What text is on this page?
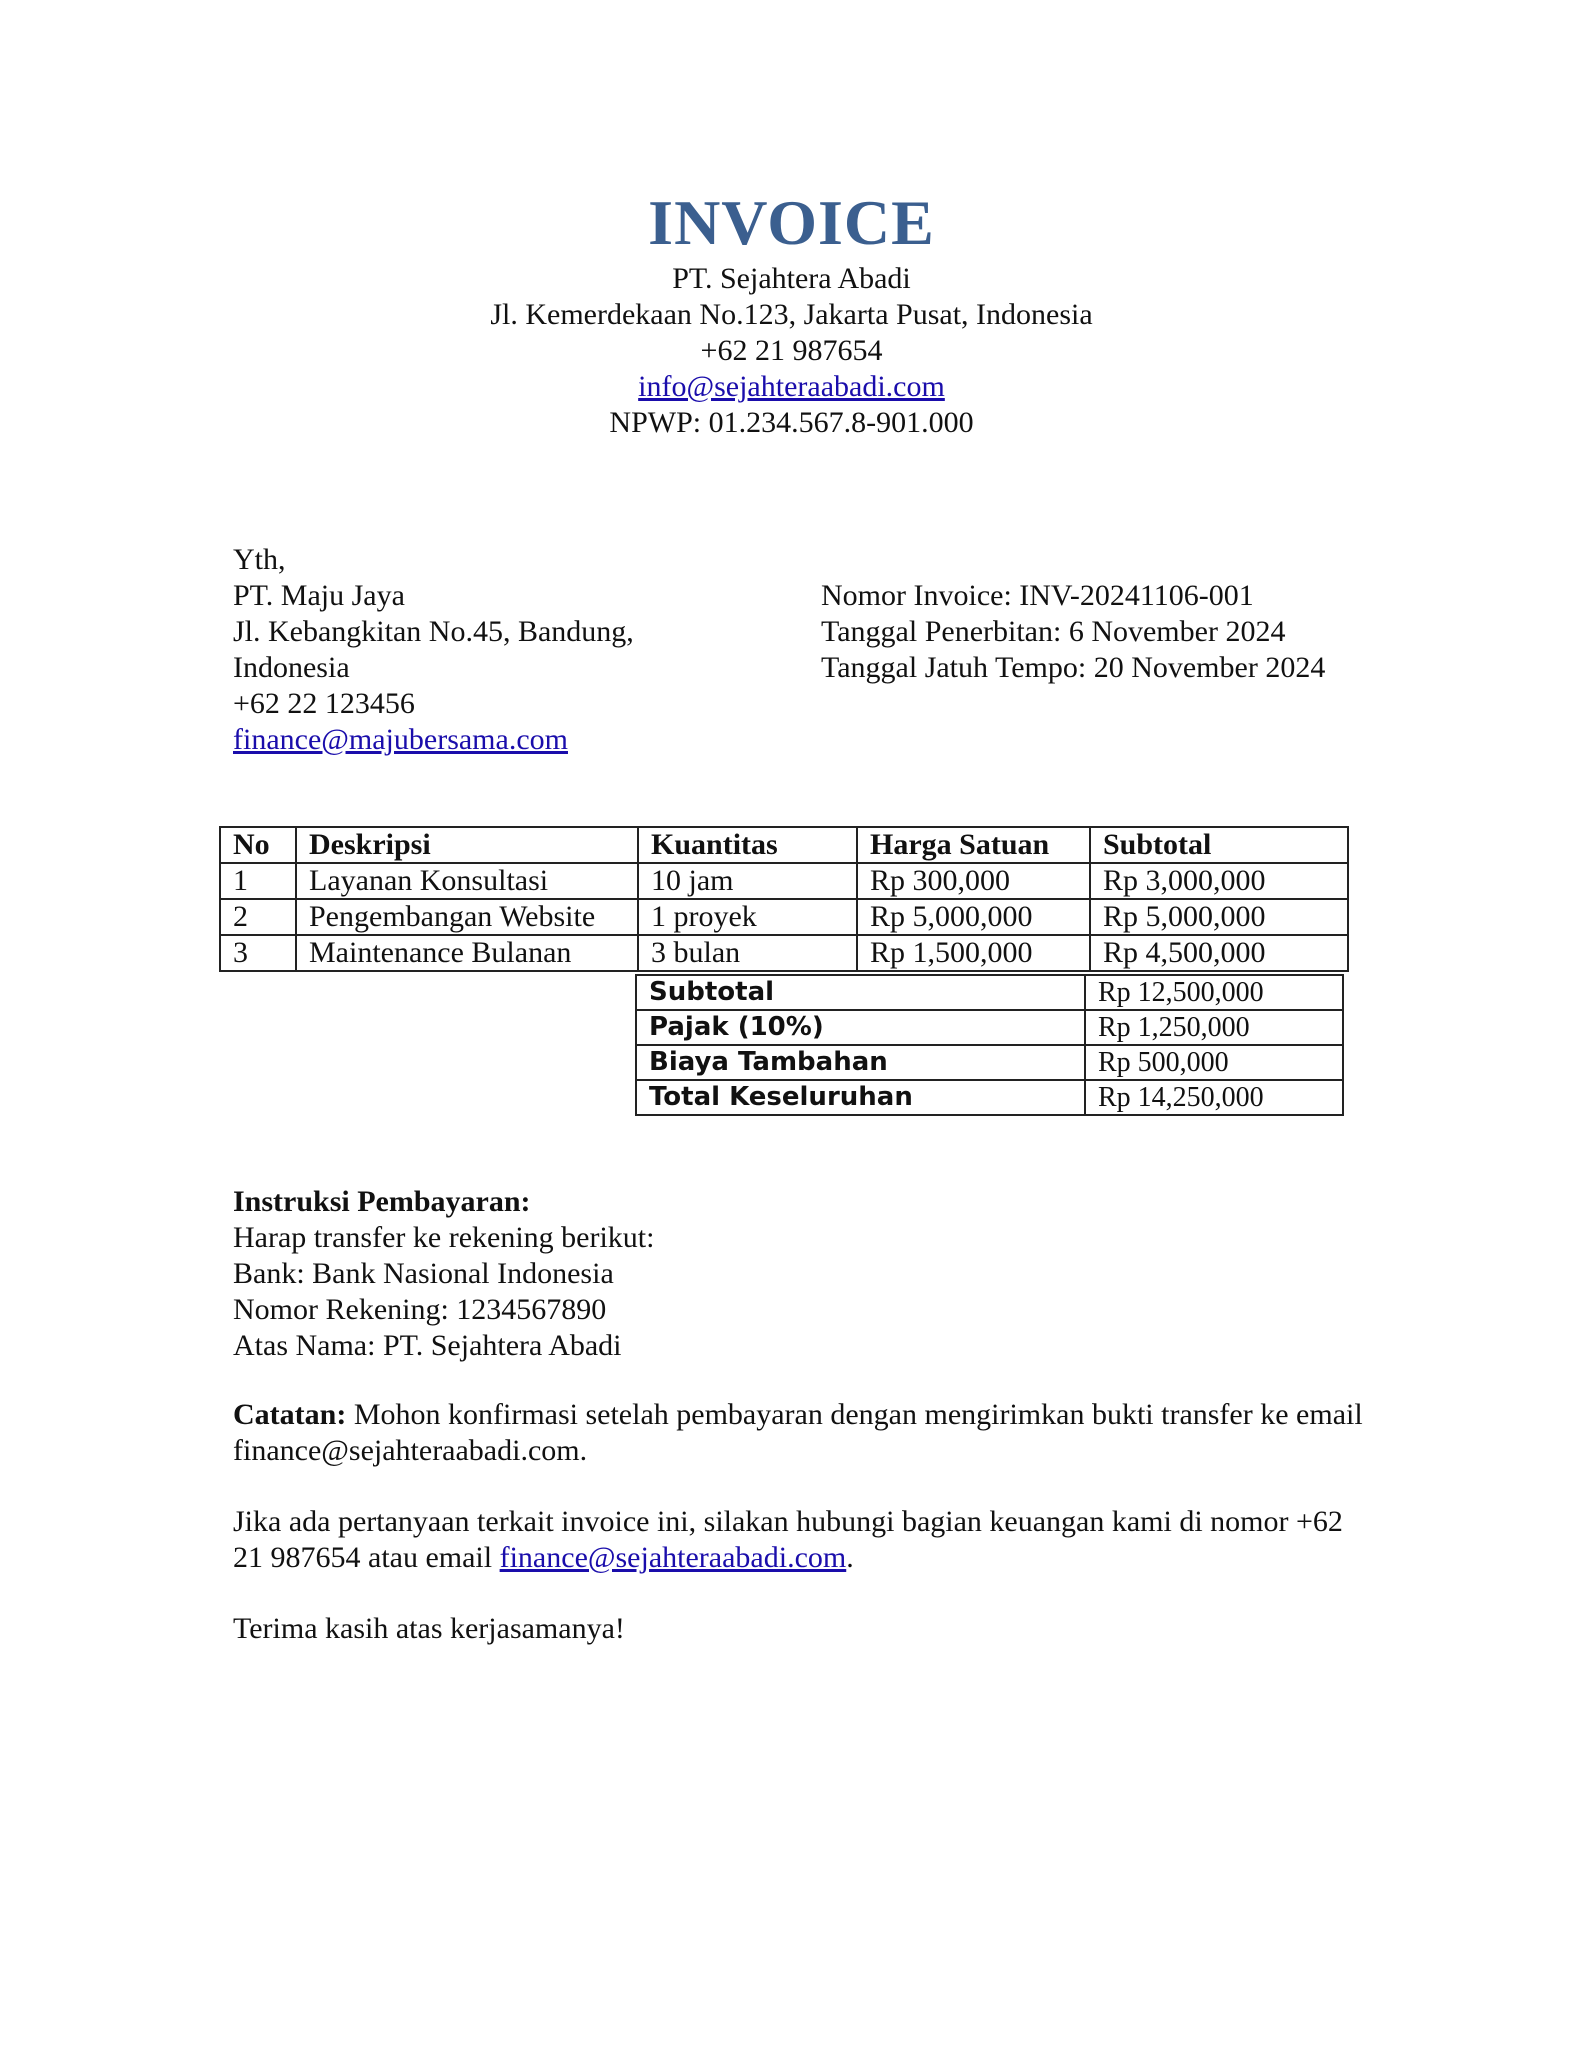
INVOICE
PT. Sejahtera Abadi
Jl. Kemerdekaan No.123, Jakarta Pusat, Indonesia
+62 21 987654
info@sejahteraabadi.com
NPWP: 01.234.567.8-901.000
Yth,
PT. Maju Jaya
Jl. Kebangkitan No.45, Bandung,
Indonesia
+62 22 123456
finance@majubersama.com
Nomor Invoice: INV-20241106-001
Tanggal Penerbitan: 6 November 2024
Tanggal Jatuh Tempo: 20 November 2024
No	Deskripsi	Kuantitas	Harga Satuan	Subtotal
1	Layanan Konsultasi	10 jam	Rp 300,000	Rp 3,000,000
2	Pengembangan Website	1 proyek	Rp 5,000,000	Rp 5,000,000
3	Maintenance Bulanan	3 bulan	Rp 1,500,000	Rp 4,500,000
Subtotal	Rp 12,500,000
Pajak (10%)	Rp 1,250,000
Biaya Tambahan	Rp 500,000
Total Keseluruhan	Rp 14,250,000
Instruksi Pembayaran:
Harap transfer ke rekening berikut:
Bank: Bank Nasional Indonesia
Nomor Rekening: 1234567890
Atas Nama: PT. Sejahtera Abadi
Catatan: Mohon konfirmasi setelah pembayaran dengan mengirimkan bukti transfer ke email finance@sejahteraabadi.com.
Jika ada pertanyaan terkait invoice ini, silakan hubungi bagian keuangan kami di nomor +62 21 987654 atau email finance@sejahteraabadi.com.
Terima kasih atas kerjasamanya!
